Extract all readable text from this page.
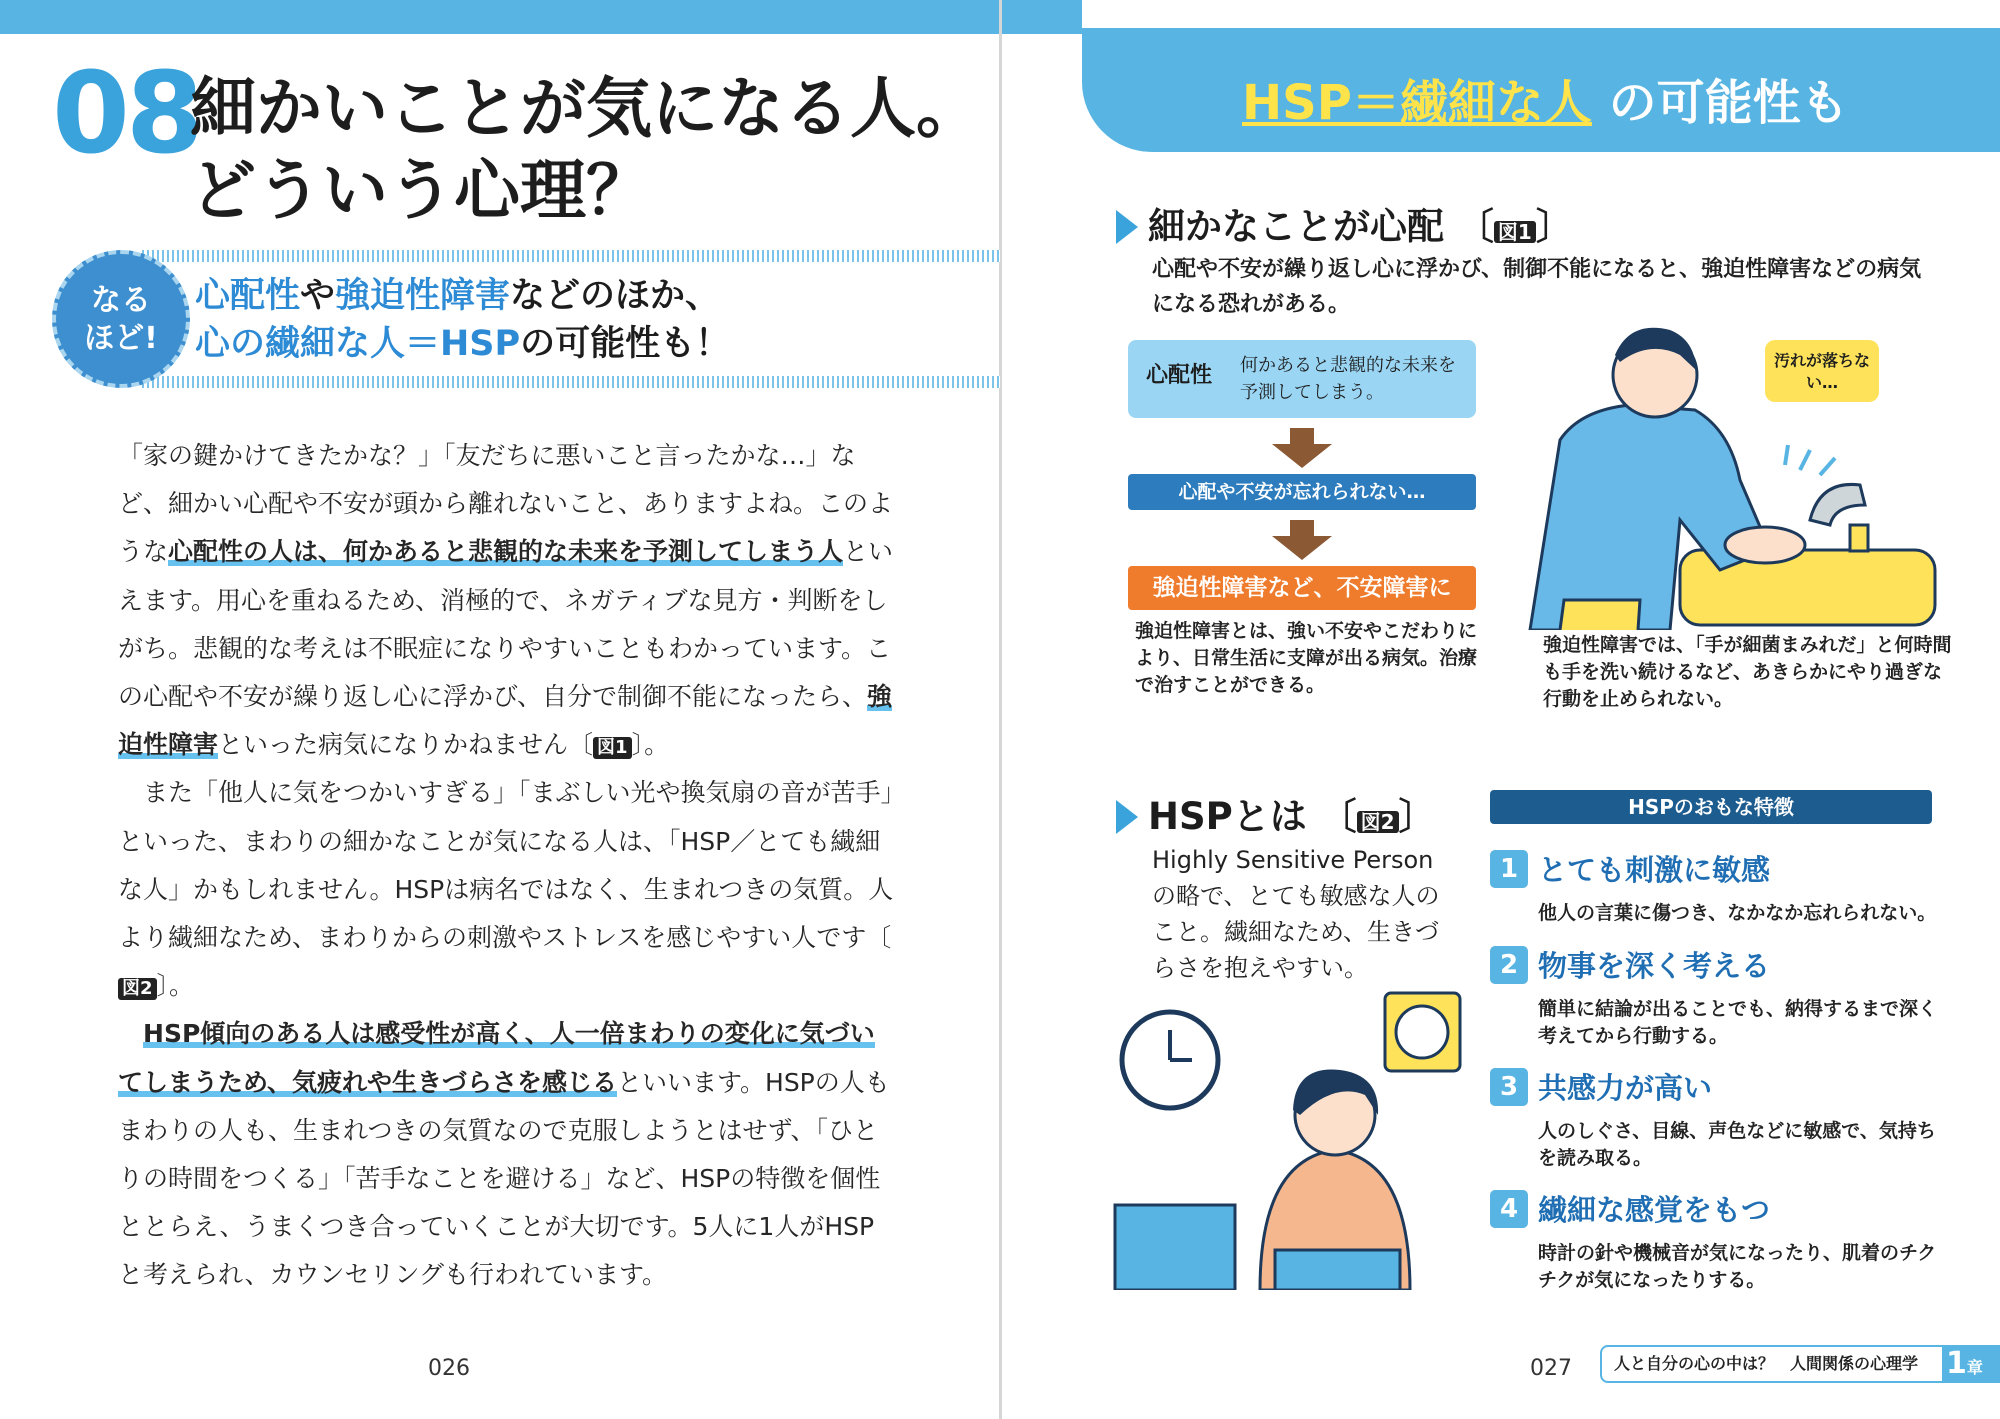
08
細かいことが気になる人。
どういう心理？
なる
ほど!
心配性や強迫性障害などのほか、
心の繊細な人＝HSPの可能性も！

「家の鍵かけてきたかな？」「友だちに悪いこと言ったかな…」など、細かい心配や不安が頭から離れないこと、ありますよね。このような心配性の人は、何かあると悲観的な未来を予測してしまう人といえます。用心を重ねるため、消極的で、ネガティブな見方・判断をしがち。悲観的な考えは不眠症になりやすいこともわかっています。この心配や不安が繰り返し心に浮かび、自分で制御不能になったら、強迫性障害といった病気になりかねません〔 図1 〕。

　また「他人に気をつかいすぎる」「まぶしい光や換気扇の音が苦手」といった、まわりの細かなことが気になる人は、「HSP／とても繊細な人」かもしれません。HSPは病名ではなく、生まれつきの気質。人より繊細なため、まわりからの刺激やストレスを感じやすい人です〔図2 〕。

　HSP傾向のある人は感受性が高く、人一倍まわりの変化に気づいてしまうため、気疲れや生きづらさを感じるといいます。HSPの人もまわりの人も、生まれつきの気質なので克服しようとはせず、「ひとりの時間をつくる」「苦手なことを避ける」など、HSPの特徴を個性ととらえ、うまくつき合っていくことが大切です。5人に1人がHSPと考えられ、カウンセリングも行われています。

026
HSP＝繊細な人 の可能性も
細かなことが心配 〔 図1 〕
心配や不安が繰り返し心に浮かび、制御不能になると、強迫性障害などの病気になる恐れがある。
心配性 何かあると悲観的な未来を予測してしまう。
心配や不安が忘れられない…
強迫性障害など、不安障害に
強迫性障害とは、強い不安やこだわりにより、日常生活に支障が出る病気。治療で治すことができる。
汚れが落ちない…
強迫性障害では、「手が細菌まみれだ」と何時間も手を洗い続けるなど、あきらかにやり過ぎな行動を止められない。
HSPとは 〔 図2 〕
Highly Sensitive Personの略で、とても敏感な人のこと。繊細なため、生きづらさを抱えやすい。
HSPのおもな特徴
1 とても刺激に敏感
他人の言葉に傷つき、なかなか忘れられない。
2 物事を深く考える
簡単に結論が出ることでも、納得するまで深く考えてから行動する。
3 共感力が高い
人のしぐさ、目線、声色などに敏感で、気持ちを読み取る。
4 繊細な感覚をもつ
時計の針や機械音が気になったり、肌着のチクチクが気になったりする。
027	人と自分の心の中は？　人間関係の心理学 1章
